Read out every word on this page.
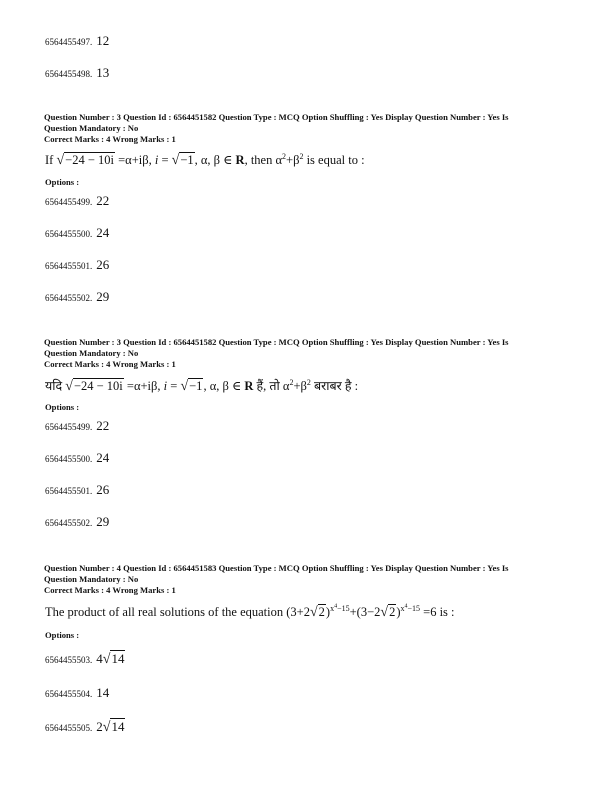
6564455497. 12
6564455498. 13
Question Number : 3 Question Id : 6564451582 Question Type : MCQ Option Shuffling : Yes Display Question Number : Yes Is
Question Mandatory : No
Correct Marks : 4 Wrong Marks : 1
If √−24 − 10i =α+iβ, i = √−1, α, β ∈ R, then $\alpha^2+\beta^2$ is equal to :
Options :
6564455499. 22
6564455500. 24
6564455501. 26
6564455502. 29
Question Number : 3 Question Id : 6564451582 Question Type : MCQ Option Shuffling : Yes Display Question Number : Yes Is
Question Mandatory : No
Correct Marks : 4 Wrong Marks : 1
यदि √−24 − 10i =α+iβ, i = √−1, α, β ∈ R हैं, तो $\alpha^2+\beta^2$ बराबर है :
Options :
6564455499. 22
6564455500. 24
6564455501. 26
6564455502. 29
Question Number : 4 Question Id : 6564451583 Question Type : MCQ Option Shuffling : Yes Display Question Number : Yes Is
Question Mandatory : No
Correct Marks : 4 Wrong Marks : 1
The product of all real solutions of the equation $(3+2√2)^{x^4-15}+(3-2√2)^{x^4-15} =6$ is :
Options :
6564455503. 4√14
6564455504. 14
6564455505. 2√14
